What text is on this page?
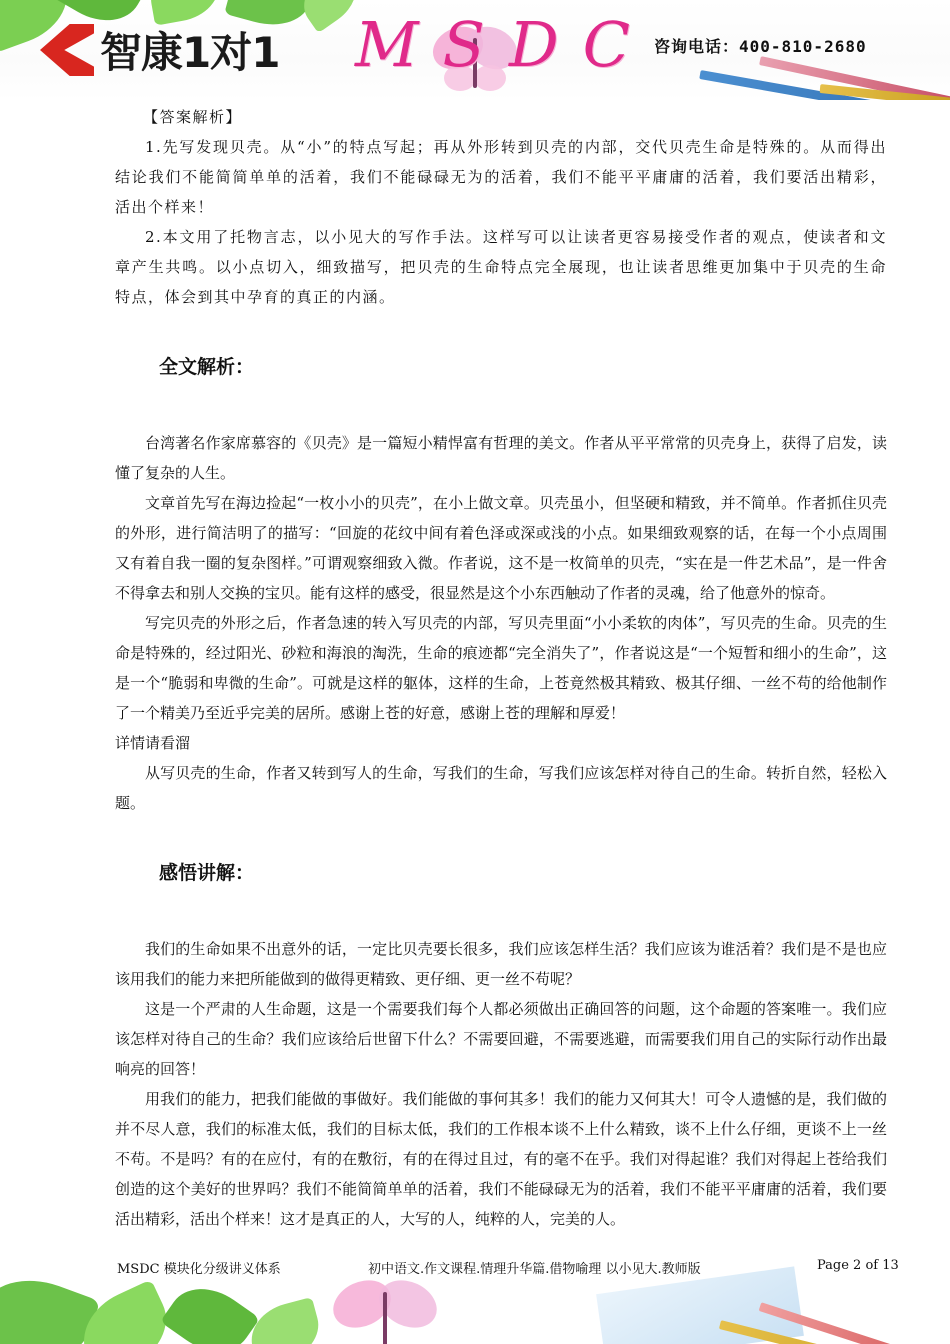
智康1对1 MSDC 咨询电话：400-810-2680

【答案解析】

1.先写发现贝壳。从“小”的特点写起；再从外形转到贝壳的内部，交代贝壳生命是特殊的。从而得出结论我们不能简简单单的活着，我们不能碌碌无为的活着，我们不能平平庸庸的活着，我们要活出精彩，活出个样来！

2.本文用了托物言志，以小见大的写作手法。这样写可以让读者更容易接受作者的观点，使读者和文章产生共鸣。以小点切入，细致描写，把贝壳的生命特点完全展现，也让读者思维更加集中于贝壳的生命特点，体会到其中孕育的真正的内涵。

全文解析：

台湾著名作家席慕容的《贝壳》是一篇短小精悍富有哲理的美文。作者从平平常常的贝壳身上，获得了启发，读懂了复杂的人生。

文章首先写在海边捡起“一枚小小的贝壳”，在小上做文章。贝壳虽小，但坚硬和精致，并不简单。作者抓住贝壳的外形，进行简洁明了的描写：“回旋的花纹中间有着色泽或深或浅的小点。如果细致观察的话，在每一个小点周围又有着自我一圈的复杂图样。”可谓观察细致入微。作者说，这不是一枚简单的贝壳，“实在是一件艺术品”，是一件舍不得拿去和别人交换的宝贝。能有这样的感受，很显然是这个小东西触动了作者的灵魂，给了他意外的惊奇。

写完贝壳的外形之后，作者急速的转入写贝壳的内部，写贝壳里面“小小柔软的肉体”，写贝壳的生命。贝壳的生命是特殊的，经过阳光、砂粒和海浪的淘洗，生命的痕迹都“完全消失了”，作者说这是“一个短暂和细小的生命”，这是一个“脆弱和卑微的生命”。可就是这样的躯体，这样的生命，上苍竟然极其精致、极其仔细、一丝不苟的给他制作了一个精美乃至近乎完美的居所。感谢上苍的好意，感谢上苍的理解和厚爱！

详情请看溜

从写贝壳的生命，作者又转到写人的生命，写我们的生命，写我们应该怎样对待自己的生命。转折自然，轻松入题。

感悟讲解：

我们的生命如果不出意外的话，一定比贝壳要长很多，我们应该怎样生活？我们应该为谁活着？我们是不是也应该用我们的能力来把所能做到的做得更精致、更仔细、更一丝不苟呢？

这是一个严肃的人生命题，这是一个需要我们每个人都必须做出正确回答的问题，这个命题的答案唯一。我们应该怎样对待自己的生命？我们应该给后世留下什么？不需要回避，不需要逃避，而需要我们用自己的实际行动作出最响亮的回答！

用我们的能力，把我们能做的事做好。我们能做的事何其多！我们的能力又何其大！可令人遗憾的是，我们做的并不尽人意，我们的标准太低，我们的目标太低，我们的工作根本谈不上什么精致，谈不上什么仔细，更谈不上一丝不苟。不是吗？有的在应付，有的在敷衍，有的在得过且过，有的毫不在乎。我们对得起谁？我们对得起上苍给我们创造的这个美好的世界吗？我们不能简简单单的活着，我们不能碌碌无为的活着，我们不能平平庸庸的活着，我们要活出精彩，活出个样来！这才是真正的人，大写的人，纯粹的人，完美的人。

MSDC 模块化分级讲义体系	初中语文.作文课程.情理升华篇.借物喻理 以小见大.教师版	Page 2 of 13
